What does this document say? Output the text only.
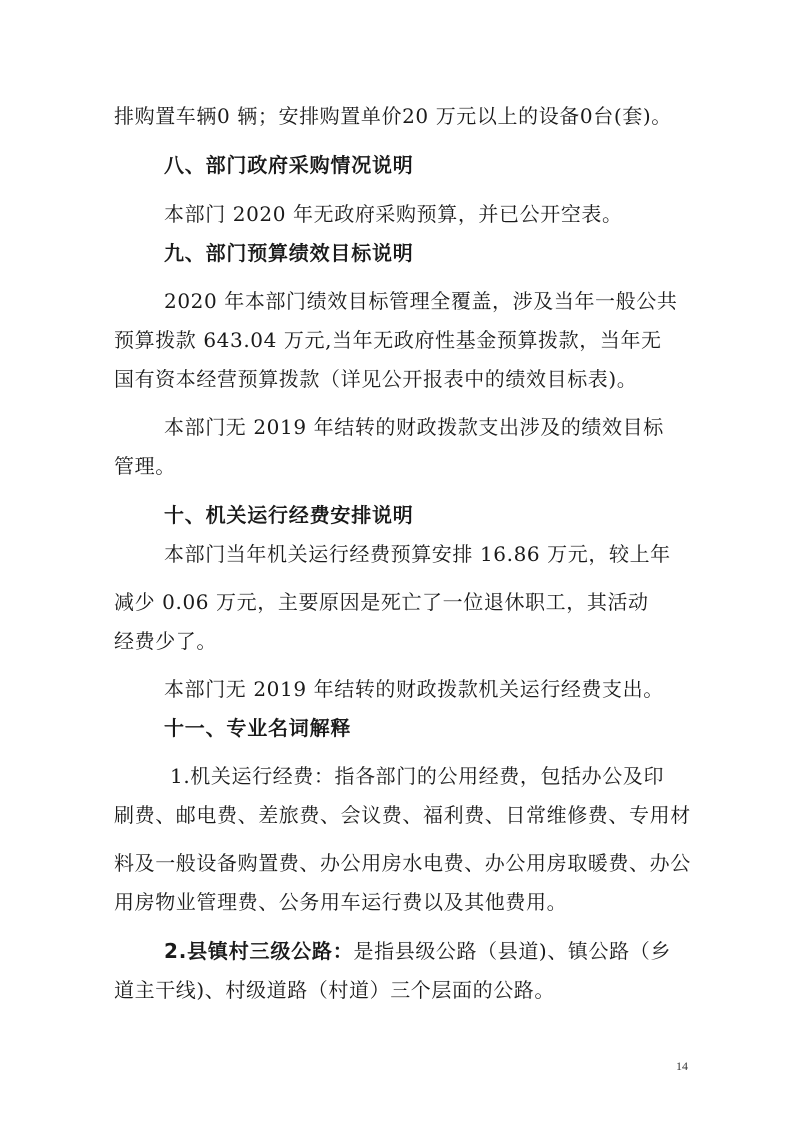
排购置车辆0 辆；安排购置单价20 万元以上的设备0台(套)。
八、部门政府采购情况说明
本部门 2020 年无政府采购预算，并已公开空表。
九、部门预算绩效目标说明
2020 年本部门绩效目标管理全覆盖，涉及当年一般公共
预算拨款 643.04 万元,当年无政府性基金预算拨款，当年无
国有资本经营预算拨款（详见公开报表中的绩效目标表)。
本部门无 2019 年结转的财政拨款支出涉及的绩效目标
管理。
十、机关运行经费安排说明
本部门当年机关运行经费预算安排 16.86 万元，较上年
减少 0.06 万元，主要原因是死亡了一位退休职工，其活动
经费少了。
本部门无 2019 年结转的财政拨款机关运行经费支出。
十一、专业名词解释
1.机关运行经费：指各部门的公用经费，包括办公及印
刷费、邮电费、差旅费、会议费、福利费、日常维修费、专用材
料及一般设备购置费、办公用房水电费、办公用房取暖费、办公
用房物业管理费、公务用车运行费以及其他费用。
2.县镇村三级公路：是指县级公路（县道)、镇公路（乡
道主干线)、村级道路（村道）三个层面的公路。
14
